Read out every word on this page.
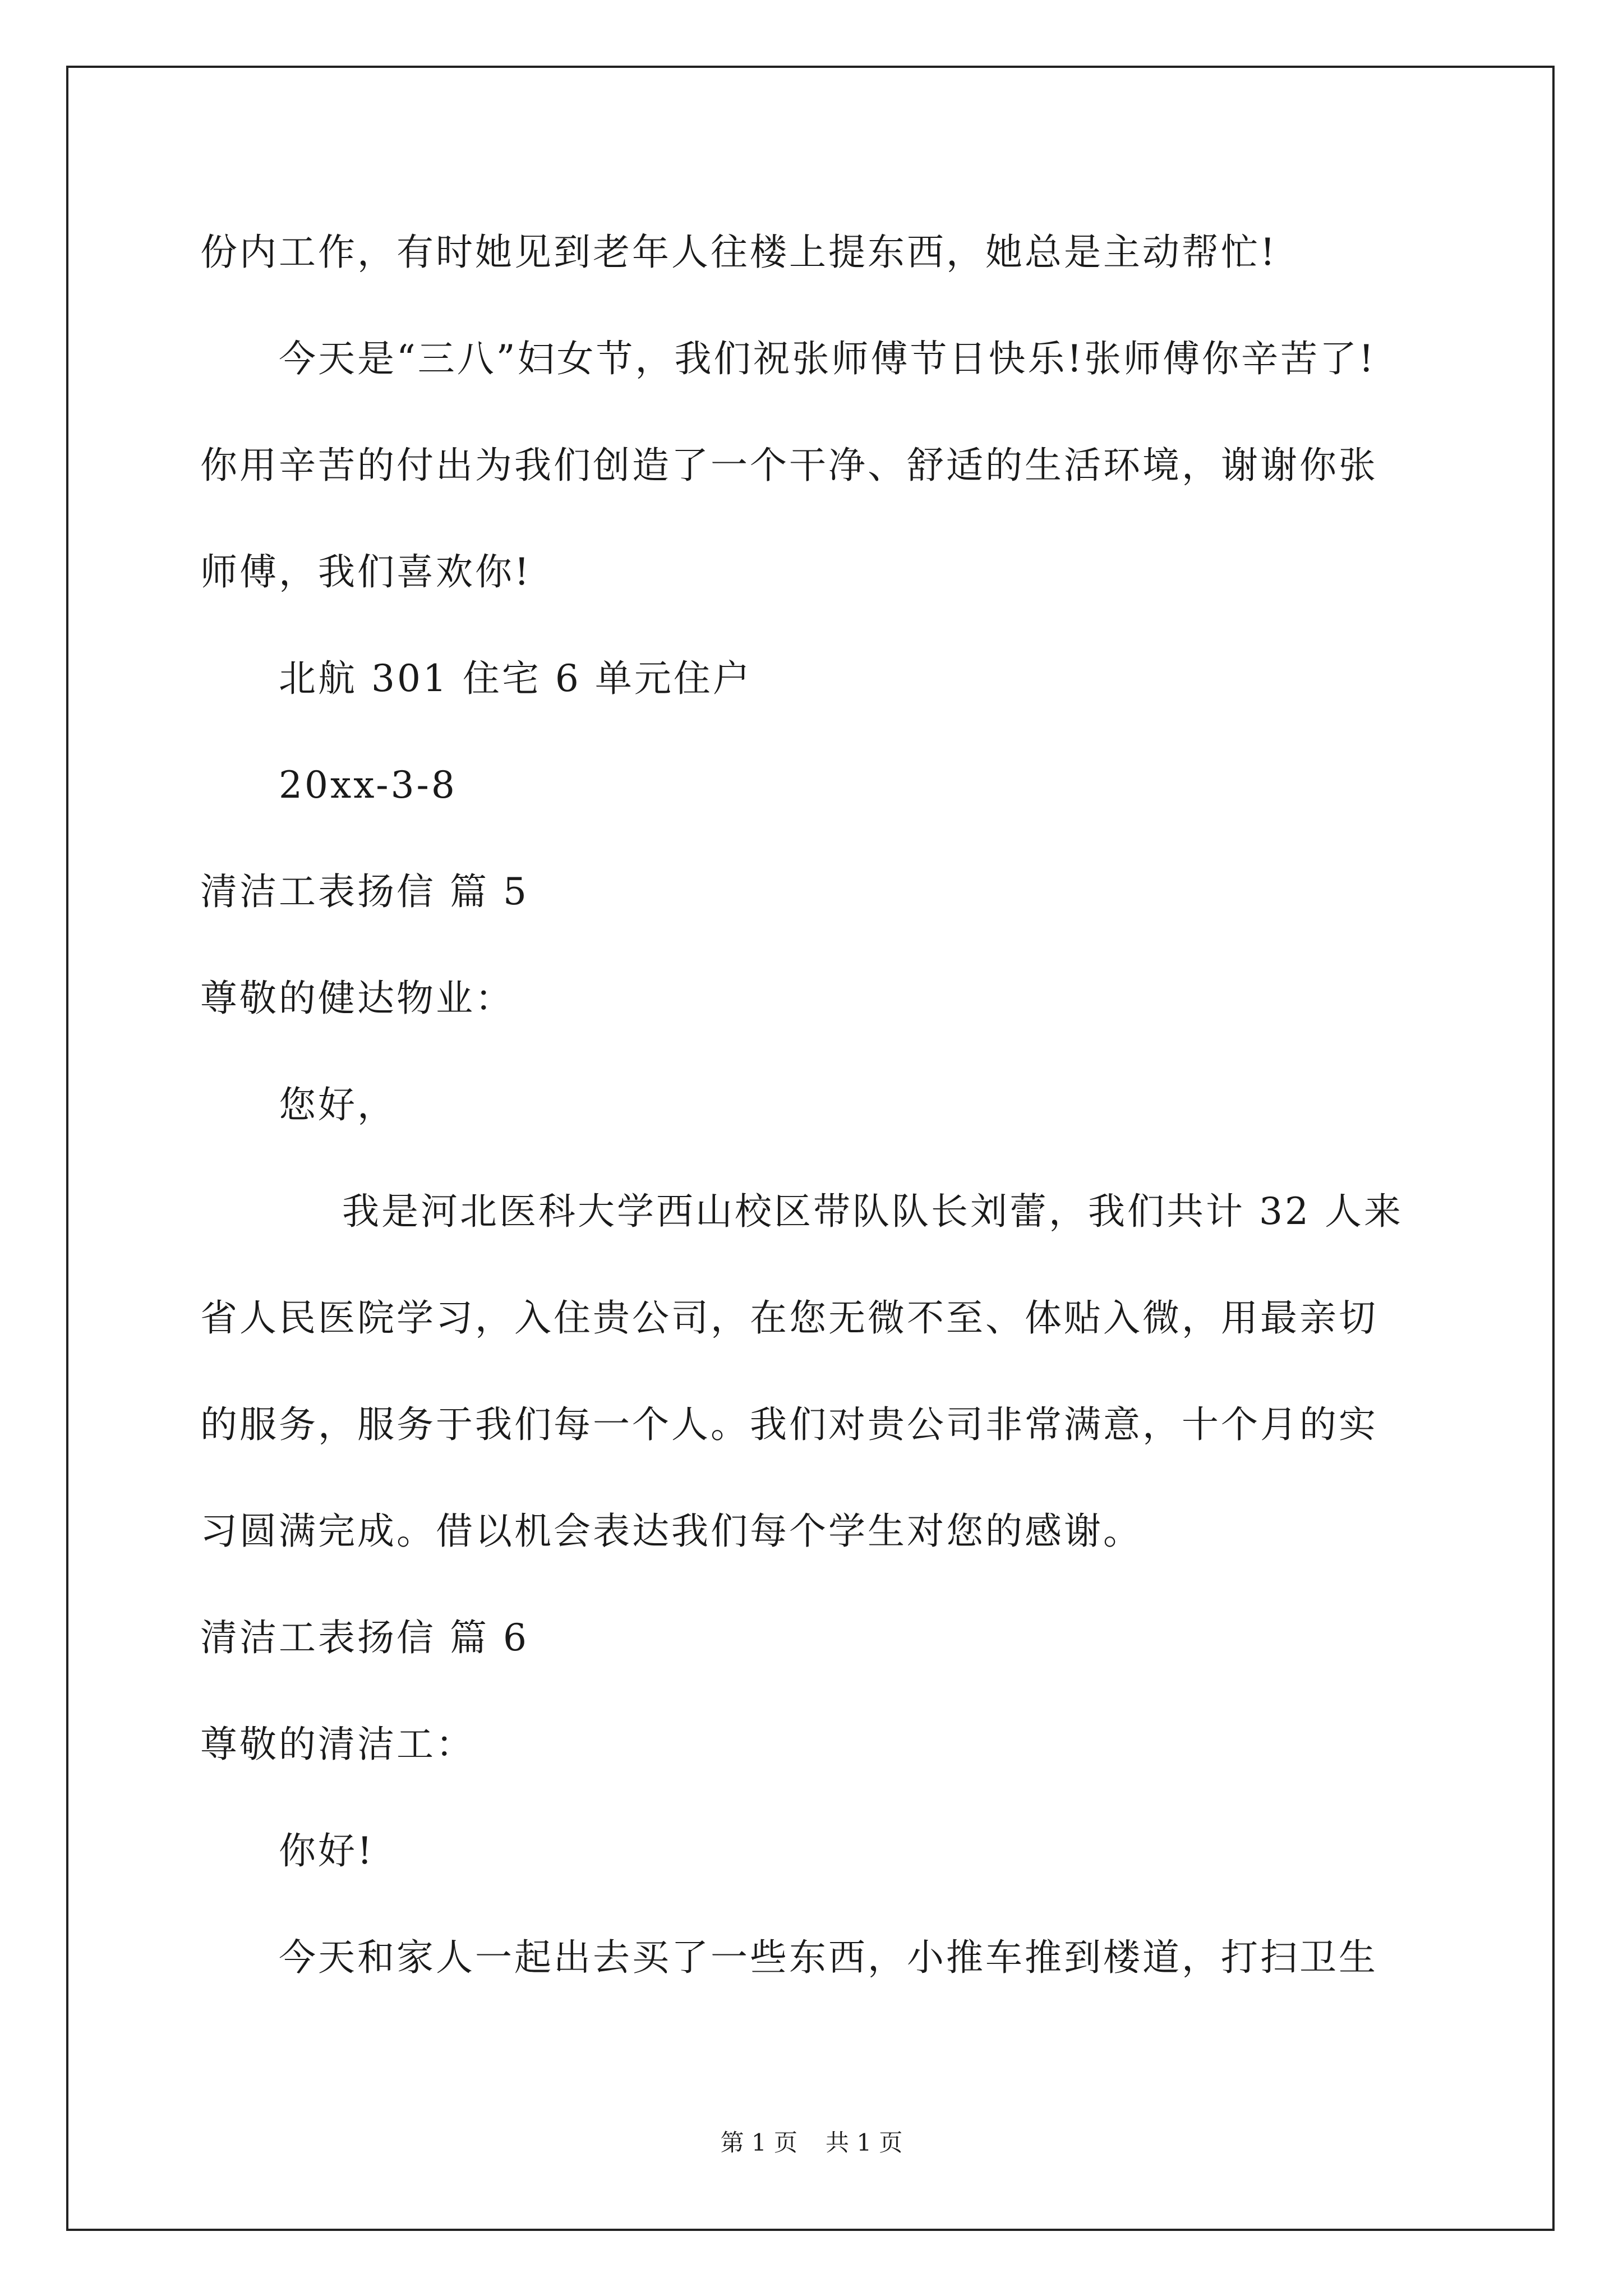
份内工作，有时她见到老年人往楼上提东西，她总是主动帮忙!
今天是“三八”妇女节，我们祝张师傅节日快乐!张师傅你辛苦了!
你用辛苦的付出为我们创造了一个干净、舒适的生活环境，谢谢你张
师傅，我们喜欢你!
北航 301 住宅 6 单元住户
20xx-3-8
清洁工表扬信 篇 5
尊敬的健达物业：
您好，
我是河北医科大学西山校区带队队长刘蕾，我们共计 32 人来
省人民医院学习，入住贵公司，在您无微不至、体贴入微，用最亲切
的服务，服务于我们每一个人。我们对贵公司非常满意，十个月的实
习圆满完成。借以机会表达我们每个学生对您的感谢。
清洁工表扬信 篇 6
尊敬的清洁工：
你好!
今天和家人一起出去买了一些东西，小推车推到楼道，打扫卫生
第 1 页 共 1 页
